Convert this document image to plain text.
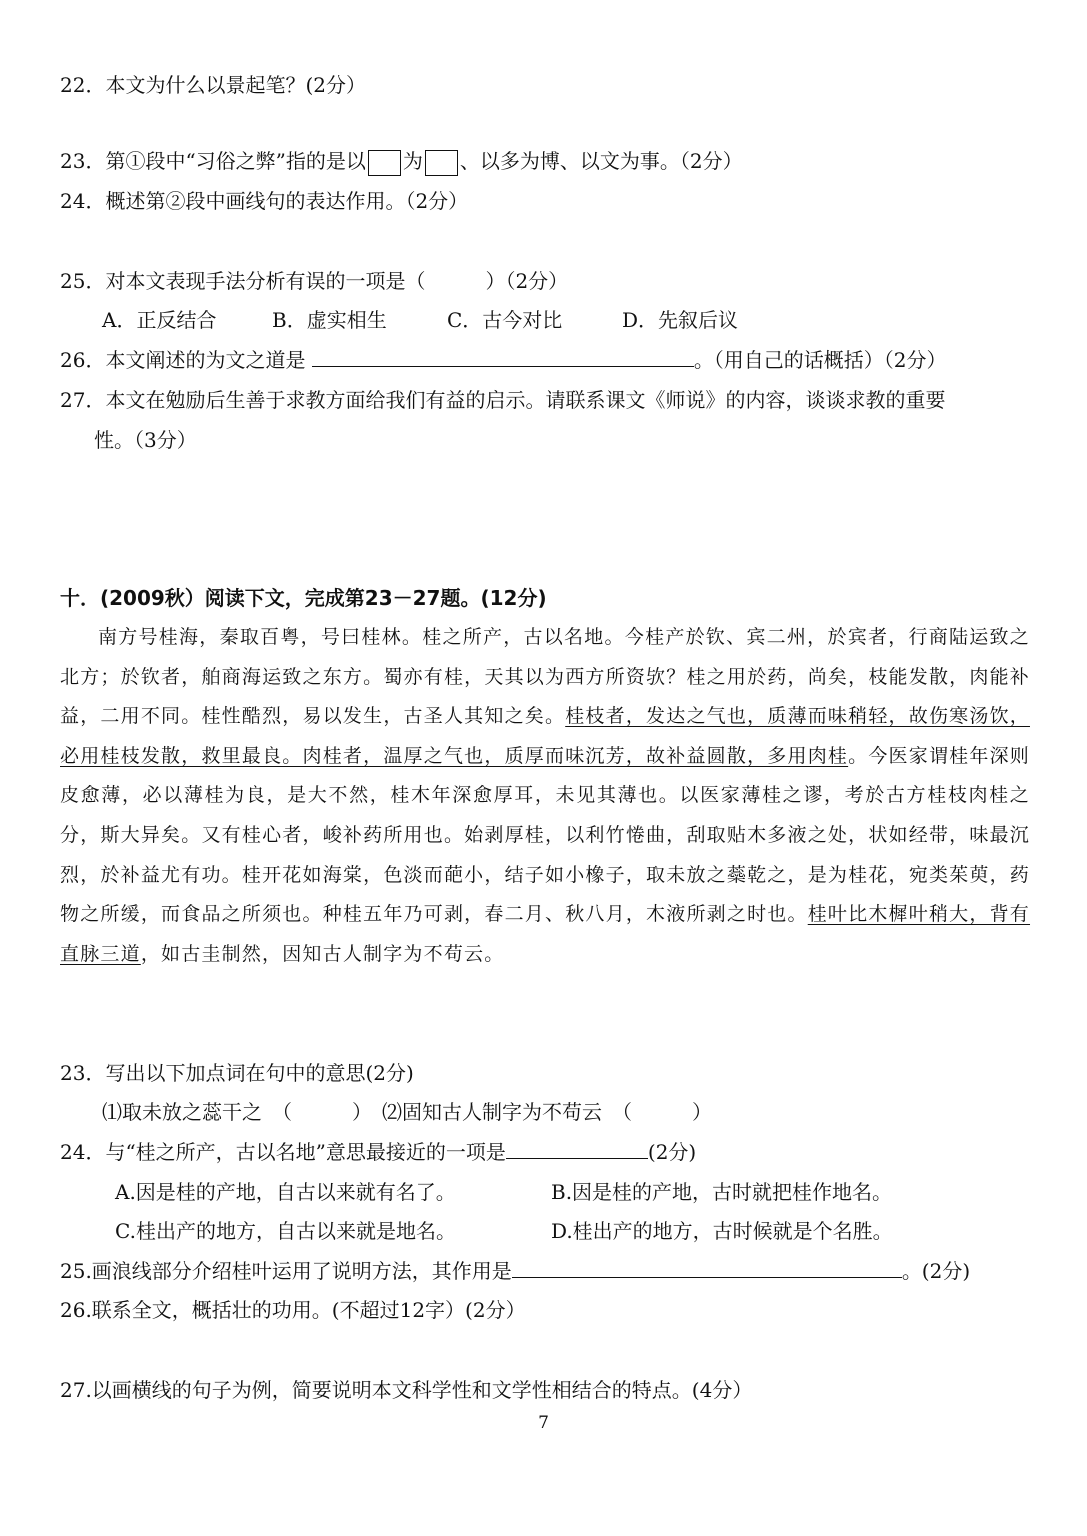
22．本文为什么以景起笔？(2分）
23．第①段中“习俗之弊”指的是以 为 、以多为博、以文为事。（2分）
24．概述第②段中画线句的表达作用。（2分）
25．对本文表现手法分析有误的一项是（　　　）（2分）
A．正反结合	B．虚实相生	C．古今对比	D．先叙后议
26．本文阐述的为文之道是	。（用自己的话概括）（2分）
27．本文在勉励后生善于求教方面给我们有益的启示。请联系课文《师说》的内容，谈谈求教的重要
性。（3分）
十．(2009秋）阅读下文，完成第23－27题。(12分)
南方号桂海，秦取百粤，号曰桂林。桂之所产，古以名地。今桂产於钦、宾二州，於宾者，行商陆运致之北方；於钦者，舶商海运致之东方。蜀亦有桂，天其以为西方所资欤？桂之用於药，尚矣，枝能发散，肉能补益，二用不同。桂性酷烈，易以发生，古圣人其知之矣。桂枝者，发达之气也，质薄而味稍轻，故伤寒汤饮，必用桂枝发散，救里最良。肉桂者，温厚之气也，质厚而味沉芳，故补益圆散，多用肉桂。今医家谓桂年深则皮愈薄，必以薄桂为良，是大不然，桂木年深愈厚耳，未见其薄也。以医家薄桂之谬，考於古方桂枝肉桂之分，斯大异矣。又有桂心者，峻补药所用也。始剥厚桂，以利竹惓曲，刮取贴木多液之处，状如经带，味最沉烈，於补益尤有功。桂开花如海棠，色淡而葩小，结子如小橡子，取未放之蘂乾之，是为桂花，宛类茱萸，药物之所缓，而食品之所须也。种桂五年乃可剥，春二月、秋八月，木液所剥之时也。桂叶比木樨叶稍大，背有直脉三道，如古圭制然，因知古人制字为不苟云。
23．写出以下加点词在句中的意思(2分)
⑴取未放之蕊干之　（　　　）　⑵固知古人制字为不苟云　（　　　）
24．与“桂之所产，古以名地”意思最接近的一项是	(2分)
A.因是桂的产地，自古以来就有名了。	B.因是桂的产地，古时就把桂作地名。
C.桂出产的地方，自古以来就是地名。	D.桂出产的地方，古时候就是个名胜。
25.画浪线部分介绍桂叶运用了说明方法，其作用是	。(2分)
26.联系全文，概括壮的功用。(不超过12字）(2分）
27.以画横线的句子为例，简要说明本文科学性和文学性相结合的特点。(4分）
7
